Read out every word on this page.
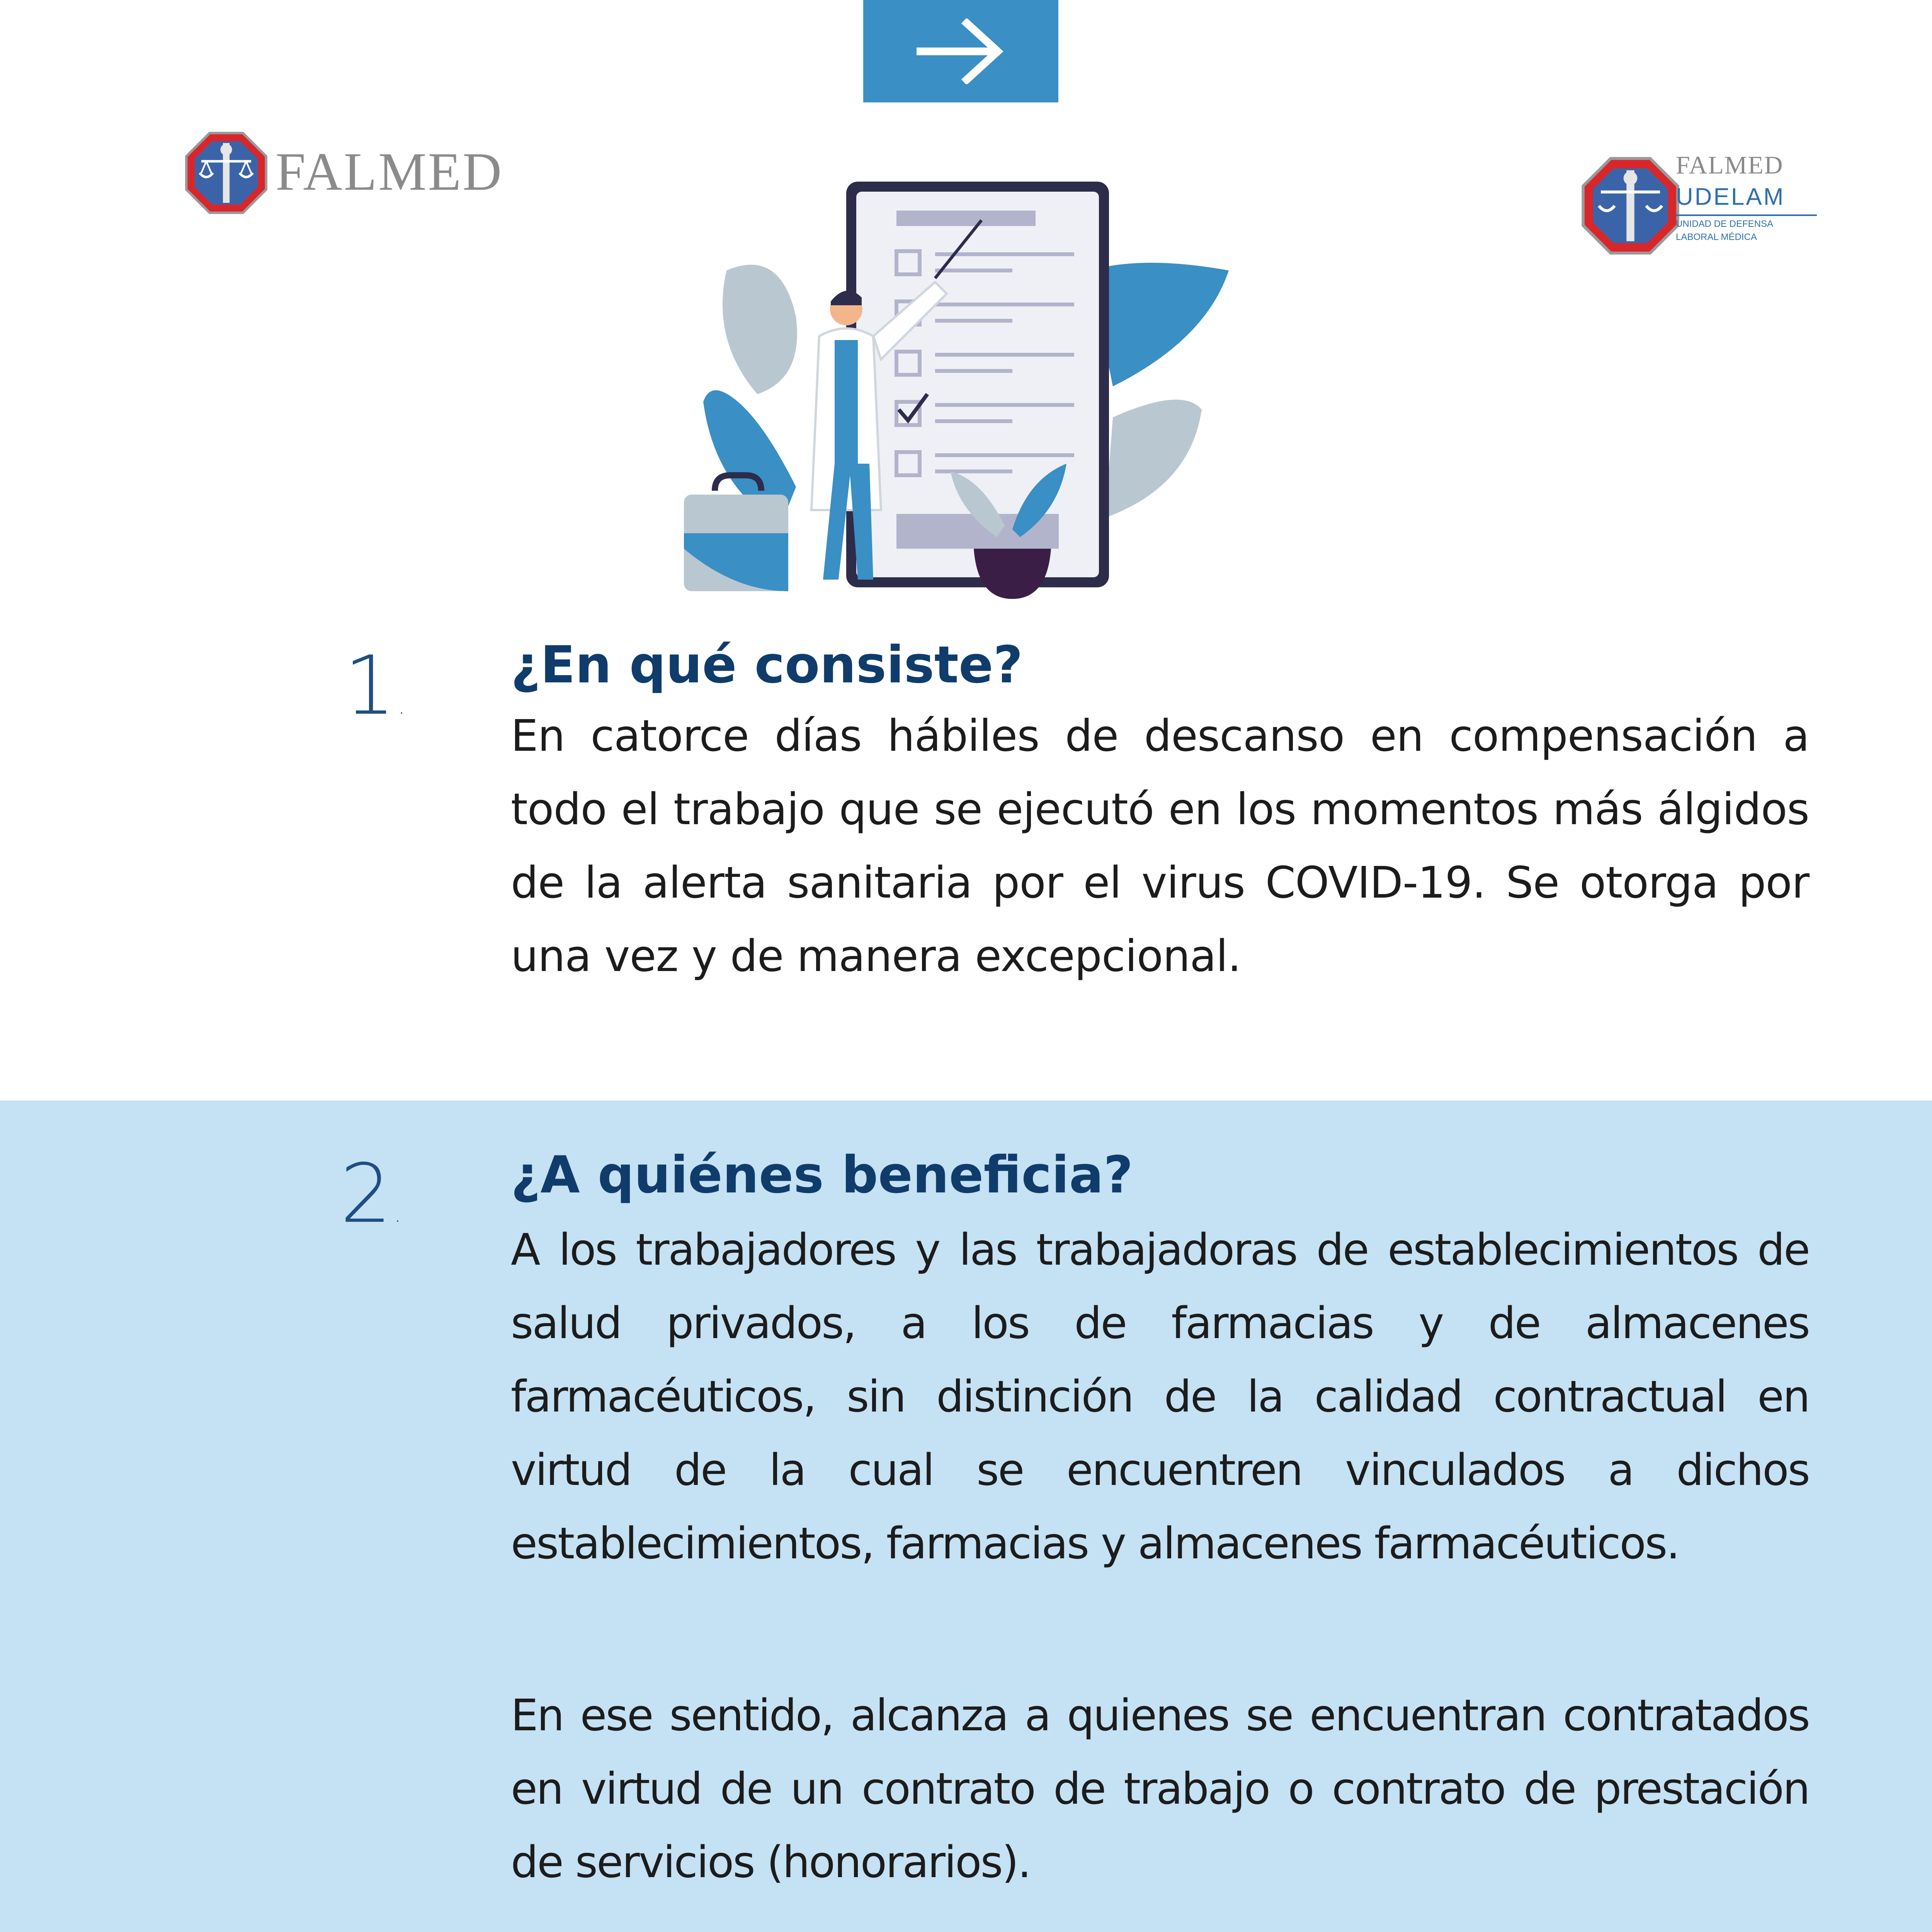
FALMED	FALMED
UDELAM
UNIDAD DE DEFENSA LABORAL MÉDICA
1 .
¿En qué consiste?
En catorce días hábiles de descanso en compensación a todo el trabajo que se ejecutó en los momentos más álgidos de la alerta sanitaria por el virus COVID-19. Se otorga por una vez y de manera excepcional.
2 .
¿A quiénes beneficia?
A los trabajadores y las trabajadoras de establecimientos de salud privados, a los de farmacias y de almacenes farmacéuticos, sin distinción de la calidad contractual en virtud de la cual se encuentren vinculados a dichos establecimientos, farmacias y almacenes farmacéuticos.
En ese sentido, alcanza a quienes se encuentran contratados en virtud de un contrato de trabajo o contrato de prestación de servicios (honorarios).
